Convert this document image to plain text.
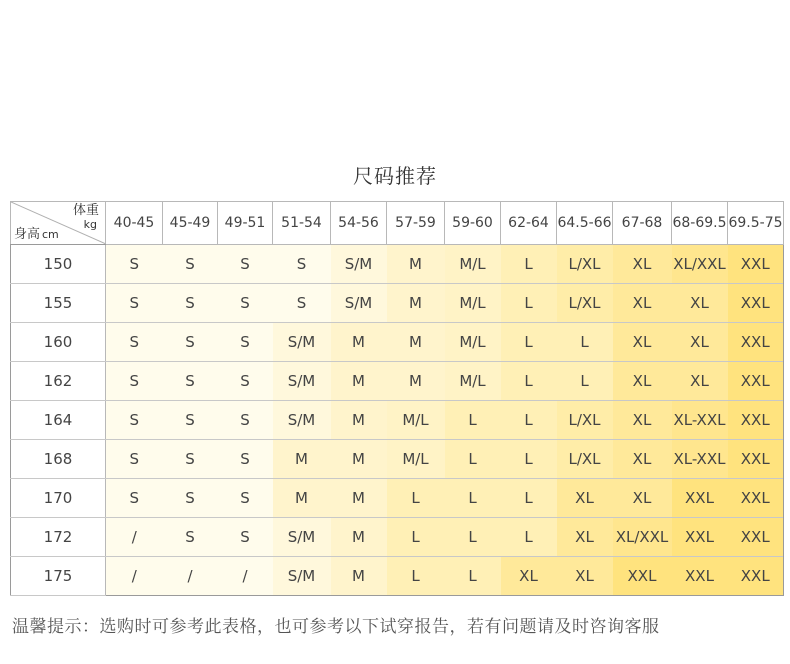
尺码推荐
体重
kg
身高 cm	40-45	45-49	49-51	51-54	54-56	57-59	59-60	62-64	64.5-66	67-68	68-69.5	69.5-75
150	S	S	S	S	S/M	M	M/L	L	L/XL	XL	XL/XXL	XXL
155	S	S	S	S	S/M	M	M/L	L	L/XL	XL	XL	XXL
160	S	S	S	S/M	M	M	M/L	L	L	XL	XL	XXL
162	S	S	S	S/M	M	M	M/L	L	L	XL	XL	XXL
164	S	S	S	S/M	M	M/L	L	L	L/XL	XL	XL-XXL	XXL
168	S	S	S	M	M	M/L	L	L	L/XL	XL	XL-XXL	XXL
170	S	S	S	M	M	L	L	L	XL	XL	XXL	XXL
172	/	S	S	S/M	M	L	L	L	XL	XL/XXL	XXL	XXL
175	/	/	/	S/M	M	L	L	XL	XL	XXL	XXL	XXL
温馨提示：选购时可参考此表格，也可参考以下试穿报告，若有问题请及时咨询客服
